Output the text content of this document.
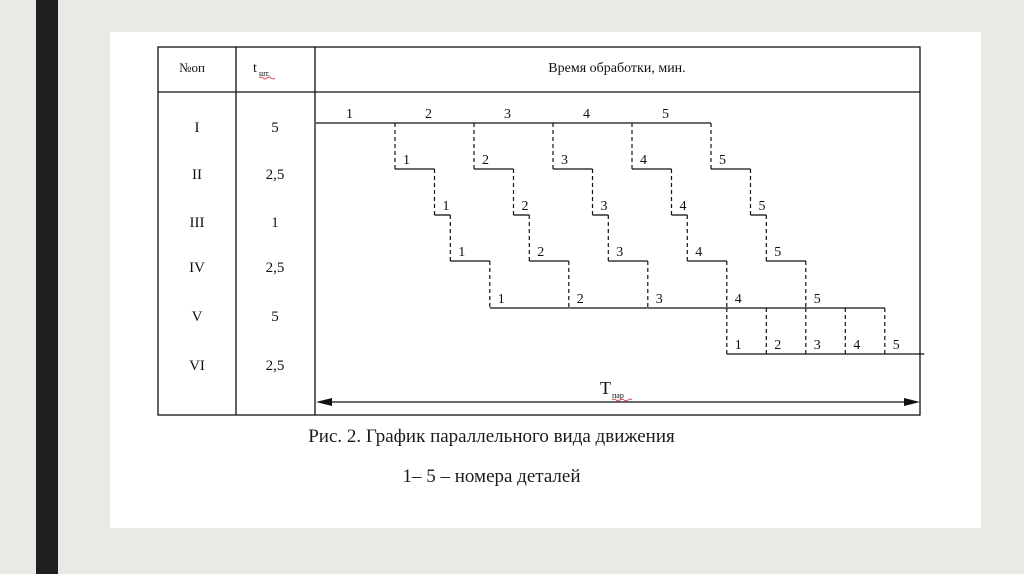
№оп	t шт.	Время обработки, мин.
I	5
II	2,5
III	1
IV	2,5
V	5
VI	2,5
1	2	3	4	5
1	2	3	4	5
1	2	3	4	5
1	2	3	4	5
1	2	3	4	5
1 2 3 4 5
T пар
Рис. 2. График параллельного вида движения
1– 5 – номера деталей
